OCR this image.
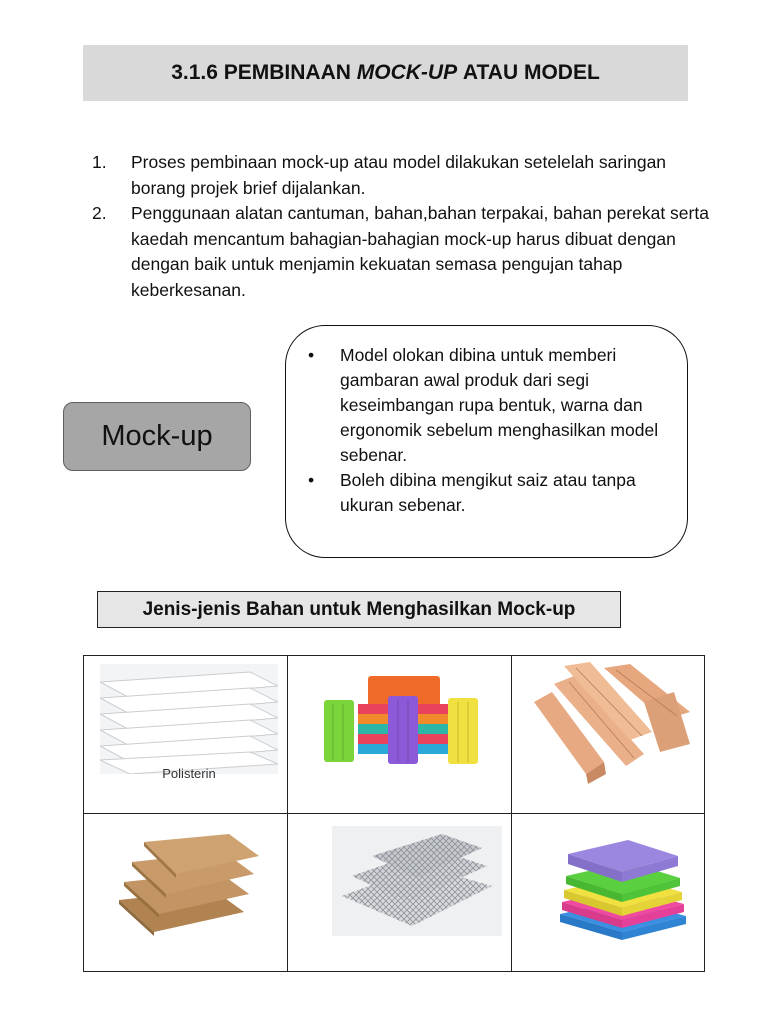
3.1.6 PEMBINAAN
MOCK-UP
ATAU MODEL
1.	Proses pembinaan mock-up atau model dilakukan setelelah saringan borang projek brief dijalankan.
2.	Penggunaan alatan cantuman, bahan,bahan terpakai, bahan perekat serta kaedah mencantum bahagian-bahagian mock-up harus dibuat dengan dengan baik untuk menjamin kekuatan semasa pengujan tahap keberkesanan.
Mock-up
•	Model olokan dibina untuk memberi gambaran awal produk dari segi keseimbangan rupa bentuk, warna dan ergonomik sebelum menghasilkan model sebenar.
•	Boleh dibina mengikut saiz atau tanpa ukuran sebenar.
Jenis-jenis Bahan untuk Menghasilkan Mock-up
Polisterin
